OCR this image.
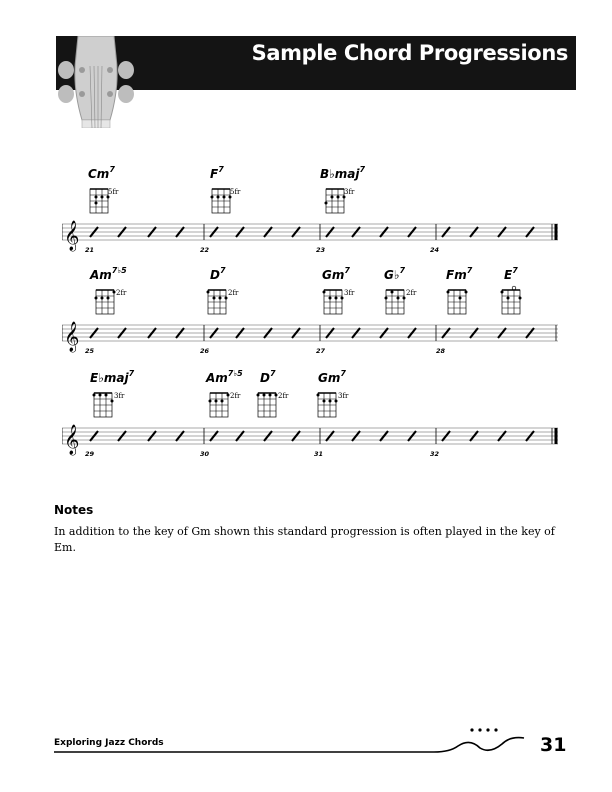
Sample Chord Progressions
Cm$^7$	$F^7$	B♭maj$^7$
5fr	5fr	3fr
21	22	23	24
$Am^{7♭5}$	$D^7$	Gm$^7$	G♭$^7$	Fm$^7$	$E^7$
2fr	2fr	3fr	2fr
25	26	27	28
E♭maj$^7$	$Am^{7♭5}$ $D^7$	Gm$^7$
3fr	2fr	2fr	3fr
29	30	31	32
Notes
In addition to the key of Gm shown this standard progression is often played in the key of Em.
Exploring Jazz Chords	31
